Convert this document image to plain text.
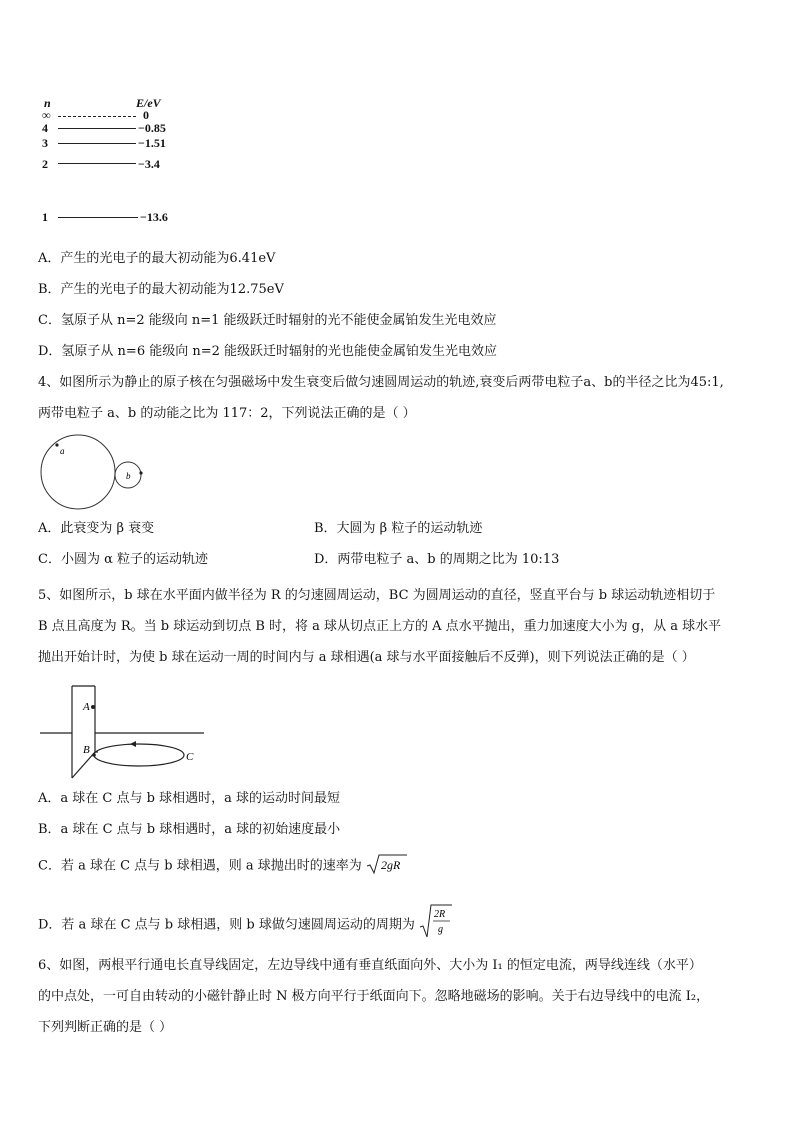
n	E/eV
∞	0
4	−0.85
3	−1.51
2	−3.4
1	−13.6
A．产生的光电子的最大初动能为6.41eV
B．产生的光电子的最大初动能为12.75eV
C．氢原子从 n=2 能级向 n=1 能级跃迁时辐射的光不能使金属铂发生光电效应
D．氢原子从 n=6 能级向 n=2 能级跃迁时辐射的光也能使金属铂发生光电效应
4、如图所示为静止的原子核在匀强磁场中发生衰变后做匀速圆周运动的轨迹,衰变后两带电粒子a、b的半径之比为45:1,
两带电粒子 a、b 的动能之比为 117：2，下列说法正确的是（ ）
a
b
A．此衰变为 β 衰变	B．大圆为 β 粒子的运动轨迹
C．小圆为 α 粒子的运动轨迹	D．两带电粒子 a、b 的周期之比为 10:13
5、如图所示，b 球在水平面内做半径为 R 的匀速圆周运动，BC 为圆周运动的直径，竖直平台与 b 球运动轨迹相切于
B 点且高度为 R。当 b 球运动到切点 B 时，将 a 球从切点正上方的 A 点水平抛出，重力加速度大小为 g，从 a 球水平
抛出开始计时，为使 b 球在运动一周的时间内与 a 球相遇(a 球与水平面接触后不反弹)，则下列说法正确的是（ ）
A
B
C
A．a 球在 C 点与 b 球相遇时，a 球的运动时间最短
B．a 球在 C 点与 b 球相遇时，a 球的初始速度最小
C．若 a 球在 C 点与 b 球相遇，则 a 球抛出时的速率为 2gR
D．若 a 球在 C 点与 b 球相遇，则 b 球做匀速圆周运动的周期为
2R
g
6、如图，两根平行通电长直导线固定，左边导线中通有垂直纸面向外、大小为 I₁ 的恒定电流，两导线连线（水平）
的中点处，一可自由转动的小磁针静止时 N 极方向平行于纸面向下。忽略地磁场的影响。关于右边导线中的电流 I₂，
下列判断正确的是（ ）
